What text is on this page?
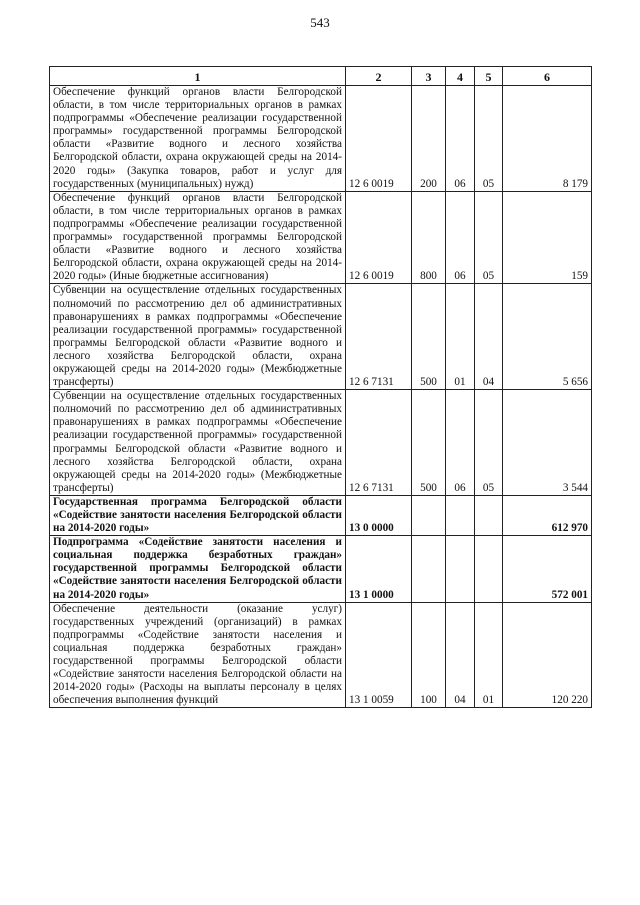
543
1	2	3	4	5	6
Обеспечение функций органов власти Белгородской области, в том числе территориальных органов в рамках подпрограммы «Обеспечение реализации государственной программы» государственной программы Белгородской области «Развитие водного и лесного хозяйства Белгородской области, охрана окружающей среды на 2014-2020 годы» (Закупка товаров, работ и услуг для государственных (муниципальных) нужд)	12 6 0019	200	06	05	8 179
Обеспечение функций органов власти Белгородской области, в том числе территориальных органов в рамках подпрограммы «Обеспечение реализации государственной программы» государственной программы Белгородской области «Развитие водного и лесного хозяйства Белгородской области, охрана окружающей среды на 2014-2020 годы» (Иные бюджетные ассигнования)	12 6 0019	800	06	05	159
Субвенции на осуществление отдельных государственных полномочий по рассмотрению дел об административных правонарушениях в рамках подпрограммы «Обеспечение реализации государственной программы» государственной программы Белгородской области «Развитие водного и лесного хозяйства Белгородской области, охрана окружающей среды на 2014-2020 годы» (Межбюджетные трансферты)	12 6 7131	500	01	04	5 656
Субвенции на осуществление отдельных государственных полномочий по рассмотрению дел об административных правонарушениях в рамках подпрограммы «Обеспечение реализации государственной программы» государственной программы Белгородской области «Развитие водного и лесного хозяйства Белгородской области, охрана окружающей среды на 2014-2020 годы» (Межбюджетные трансферты)	12 6 7131	500	06	05	3 544
Государственная программа Белгородской области «Содействие занятости населения Белгородской области на 2014-2020 годы»	13 0 0000				612 970
Подпрограмма «Содействие занятости населения и социальная поддержка безработных граждан» государственной программы Белгородской области «Содействие занятости населения Белгородской области на 2014-2020 годы»	13 1 0000				572 001
Обеспечение деятельности (оказание услуг) государственных учреждений (организаций) в рамках подпрограммы «Содействие занятости населения и социальная поддержка безработных граждан» государственной программы Белгородской области «Содействие занятости населения Белгородской области на 2014-2020 годы» (Расходы на выплаты персоналу в целях обеспечения выполнения функций	13 1 0059	100	04	01	120 220
